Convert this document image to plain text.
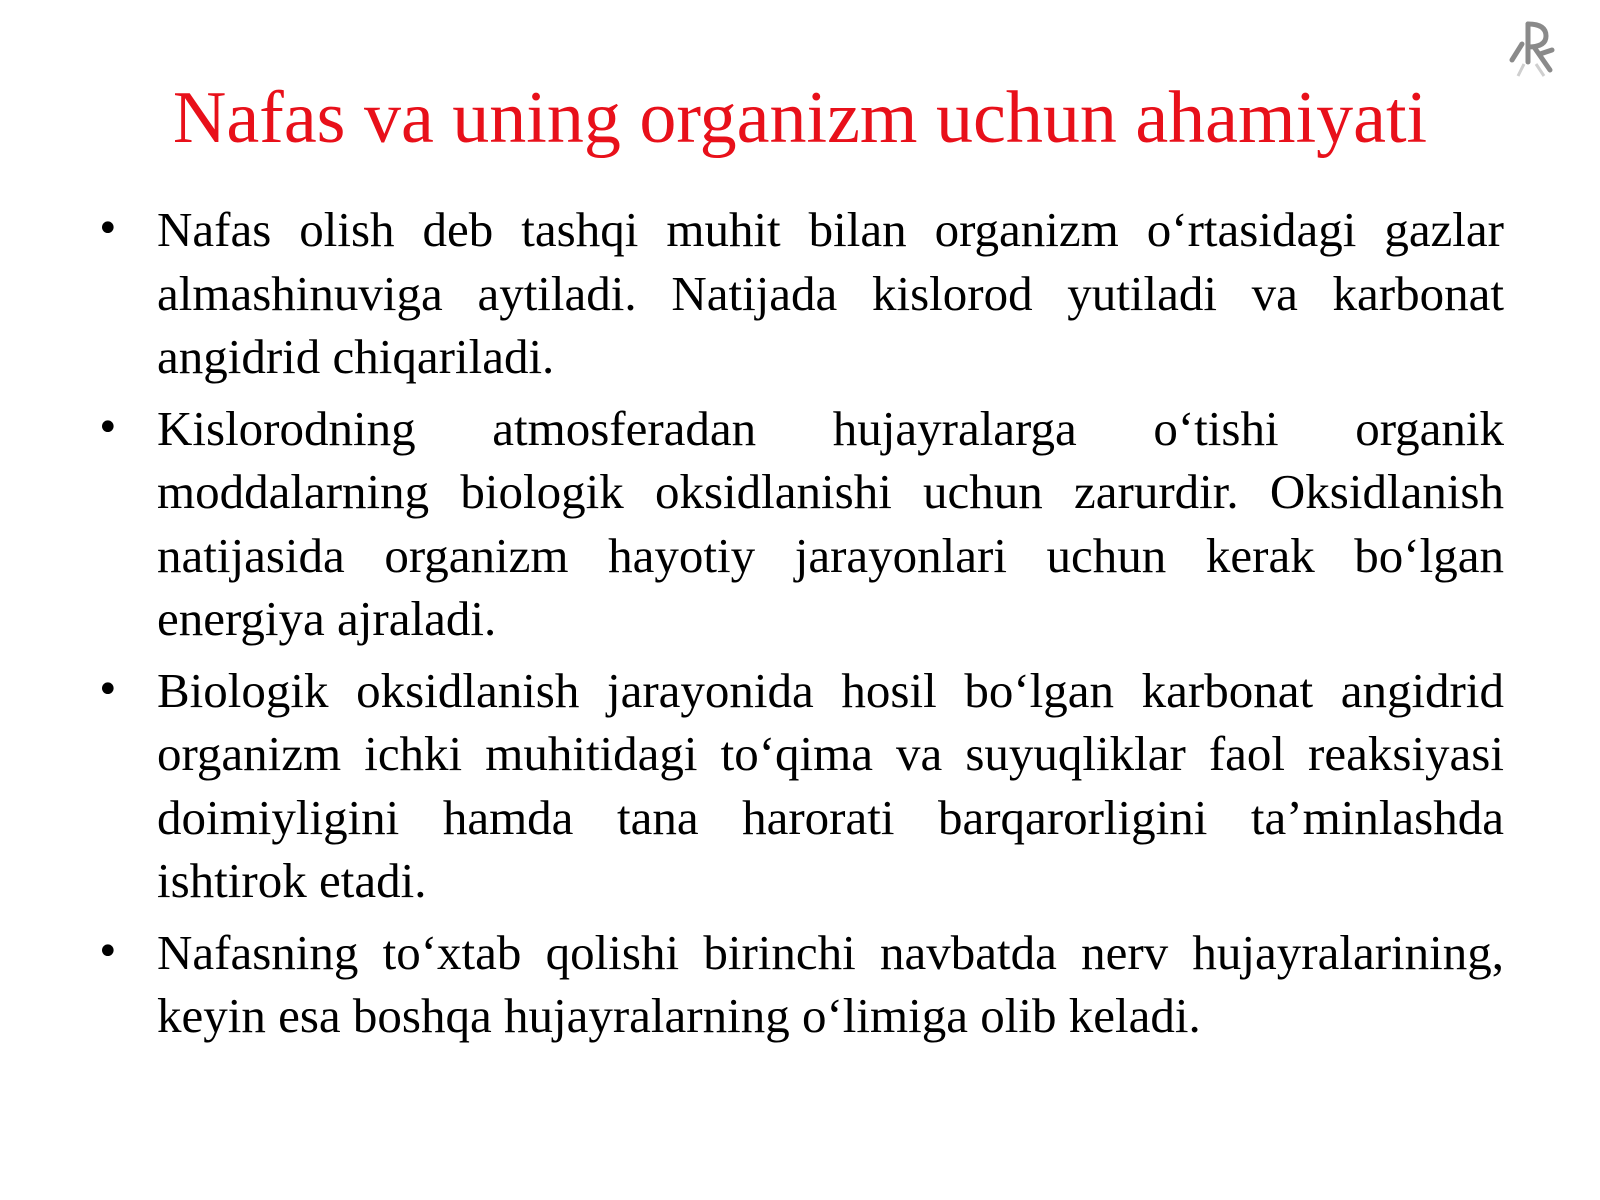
Nafas va uning organizm uchun ahamiyati
• Nafas olish deb tashqi muhit bilan organizm o‘rtasidagi gazlar almashinuviga aytiladi. Natijada kislorod yutiladi va karbonat angidrid chiqariladi.
• Kislorodning atmosferadan hujayralarga o‘tishi organik moddalarning biologik oksidlanishi uchun zarurdir. Oksidlanish natijasida organizm hayotiy jarayonlari uchun kerak bo‘lgan energiya ajraladi.
• Biologik oksidlanish jarayonida hosil bo‘lgan karbonat angidrid organizm ichki muhitidagi to‘qima va suyuqliklar faol reaksiyasi doimiyligini hamda tana harorati barqarorligini ta’minlashda ishtirok etadi.
• Nafasning to‘xtab qolishi birinchi navbatda nerv hujayralarining, keyin esa boshqa hujayralarning o‘limiga olib keladi.
